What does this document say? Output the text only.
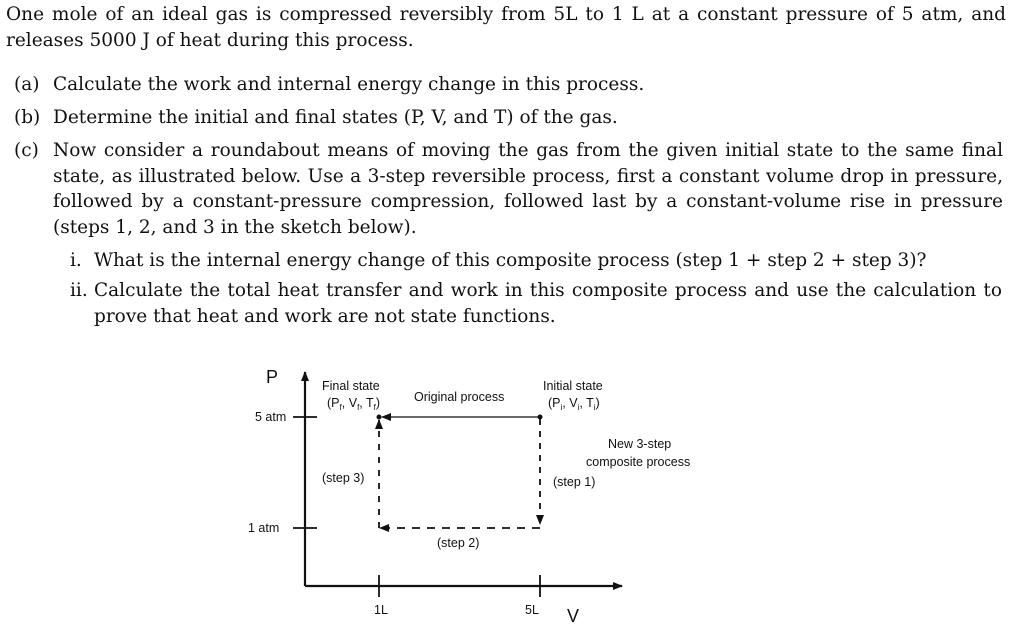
One mole of an ideal gas is compressed reversibly from 5L to 1 L at a constant pressure of 5 atm, and releases 5000 J of heat during this process.
(a) Calculate the work and internal energy change in this process.
(b) Determine the initial and final states (P, V, and T) of the gas.
(c) Now consider a roundabout means of moving the gas from the given initial state to the same final state, as illustrated below. Use a 3-step reversible process, first a constant volume drop in pressure, followed by a constant-pressure compression, followed last by a constant-volume rise in pressure (steps 1, 2, and 3 in the sketch below).
i. What is the internal energy change of this composite process (step 1 + step 2 + step 3)?
ii. Calculate the total heat transfer and work in this composite process and use the calculation to prove that heat and work are not state functions.
P
V
5 atm
1 atm
1L	5L
Final state
($P_f$, $V_f$, $T_f$)
Initial state
($P_i$, $V_i$, $T_i$)
Original process
New 3-step
composite process
(step 1)
(step 2)
(step 3)
